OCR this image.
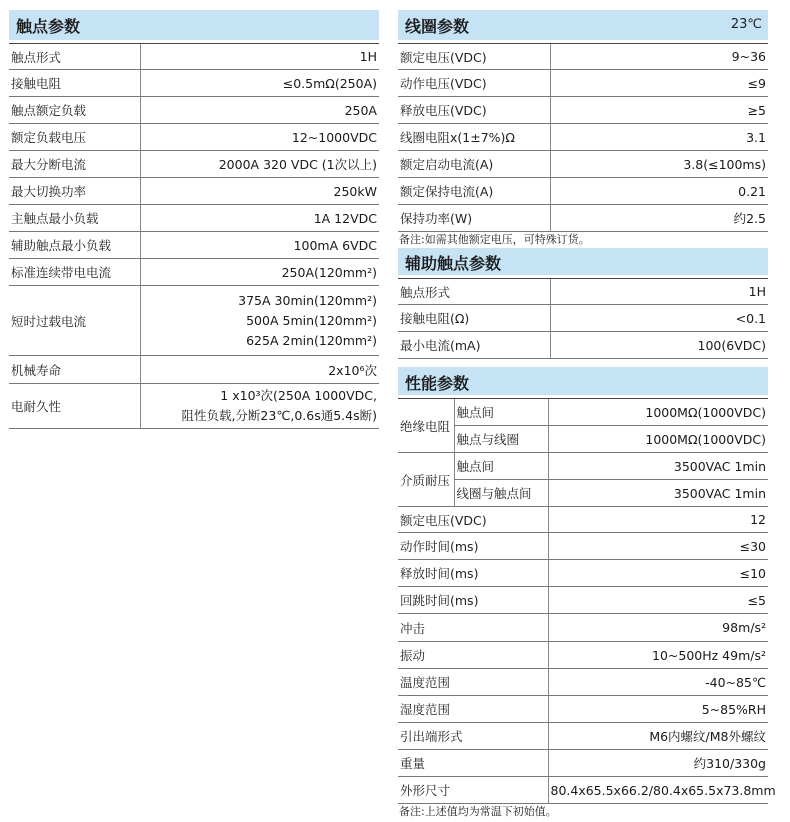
触点参数
触点形式	1H
接触电阻	≤0.5mΩ(250A)
触点额定负载	250A
额定负载电压	12~1000VDC
最大分断电流	2000A 320 VDC (1次以上)
最大切换功率	250kW
主触点最小负载	1A 12VDC
辅助触点最小负载	100mA 6VDC
标准连续带电电流	250A(120mm²)
短时过载电流	375A 30min(120mm²)
500A 5min(120mm²)
625A 2min(120mm²)

机械寿命	2x10⁶次
电耐久性	1 x10³次(250A 1000VDC,
阻性负载,分断23℃,0.6s通5.4s断)
线圈参数	23℃
额定电压(VDC)	9~36
动作电压(VDC)	≤9
释放电压(VDC)	≥5
线圈电阻x(1±7%)Ω	3.1
额定启动电流(A)	3.8(≤100ms)
额定保持电流(A)	0.21
保持功率(W)	约2.5
备注:如需其他额定电压，可特殊订货。
辅助触点参数
触点形式	1H
接触电阻(Ω)	<0.1
最小电流(mA)	100(6VDC)
性能参数
绝缘电阻	触点间	1000MΩ(1000VDC)
	触点与线圈	1000MΩ(1000VDC)
介质耐压	触点间	3500VAC 1min
	线圈与触点间	3500VAC 1min
额定电压(VDC)		12
动作时间(ms)		≤30
释放时间(ms)		≤10
回跳时间(ms)		≤5
冲击		98m/s²
振动		10~500Hz 49m/s²
温度范围		-40~85℃
湿度范围		5~85%RH
引出端形式		M6内螺纹/M8外螺纹
重量		约310/330g
外形尺寸		80.4x65.5x66.2/80.4x65.5x73.8mm
备注:上述值均为常温下初始值。
